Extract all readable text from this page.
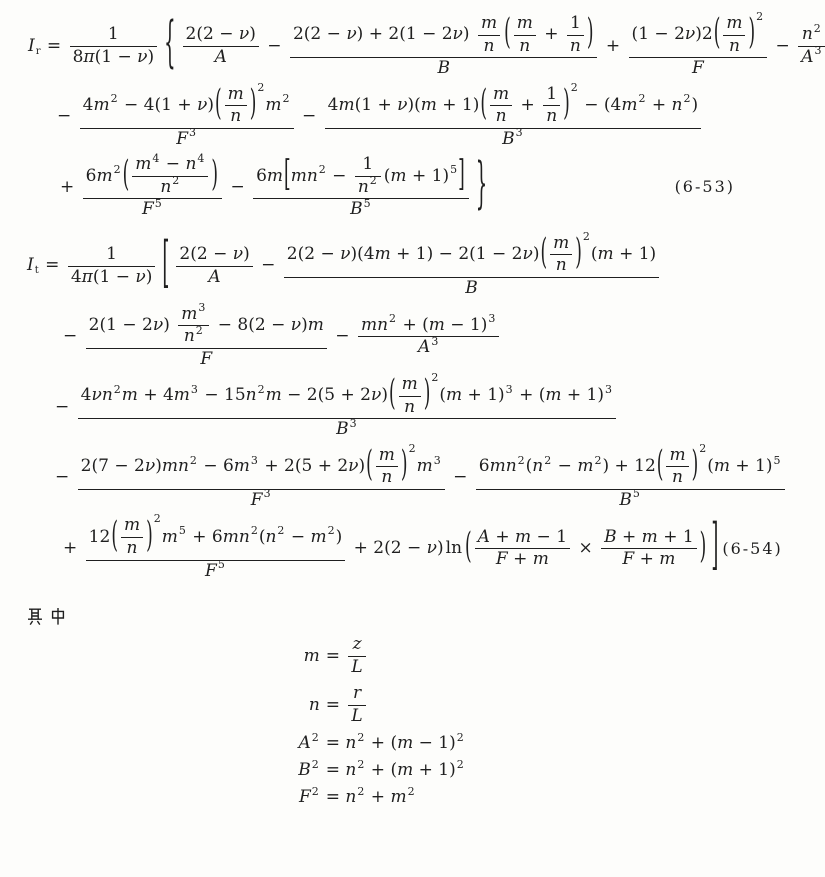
I $r = \frac{1}{8\pi(1 - \nu)}$ { $\frac{2(2 - \nu)}{A} - \frac{2(2 - \nu) + 2(1 - 2\nu) \frac{m}{n} ( \frac{m}{n} + \frac{1}{n} )}{B} + \frac{(1 - 2\nu)2 ( \frac{m}{n} ) 2}{F} - \frac{n 2}{A 3}$
− 4m 2 − 4(1 + ν) ( $\frac{m}{n}$ ) 2
m 2
F 3 − 4m(1 + ν)(m + 1) ( $\frac{m}{n} + \frac{1}{n}$ ) 2
− (4m 2 + n 2 )
B 3
+ $\frac{6m 2 ( \frac{m 4 - n 4}{n 2} )}{F 5} - \frac{6m [ mn 2 - \frac{1}{n 2} (m + 1) 5 ]}{B 5}$ }	(6-53)
I $t = \frac{1}{4\pi(1 - \nu)}$ [ $\frac{2(2 - \nu)}{A} - 2(2 - \nu)(4m + 1) - 2(1 - 2\nu)$ ( $\frac{m}{n}$ ) 2
(m + 1)
B
− $\frac{2(1 - 2\nu) \frac{m 3}{n 2} - 8(2 - \nu)m}{F} - \frac{mn 2 + (m - 1) 3}{A 3}$
− 4νn 2 m + 4m 3 − 15n 2 m − 2(5 + 2ν) ( $\frac{m}{n}$ ) 2
(m + 1) 3 + (m + 1) 3
B 3
− 2(7 − 2ν)mn 2 − 6m 3 + 2(5 + 2ν) ( $\frac{m}{n}$ ) 2
m 3
F 3 − 6mn 2 (n 2 − m 2 ) + 12 ( $\frac{m}{n}$ ) 2
(m + 1) 5
B 5
+ 12 ( $\frac{m}{n}$ ) 2
m 5 + 6mn 2 (n 2 − m 2 )
F 5 + 2(2 − ν) ln ( $\frac{A + m - 1}{F + m} \times \frac{B + m + 1}{F + m}$ ) ] (6-54)
$m = \frac{z}{L}$
$n = \frac{r}{L}$
A 2 = n 2 + (m − 1) 2
B 2 = n 2 + (m + 1) 2
F 2 = n 2 + m 2
